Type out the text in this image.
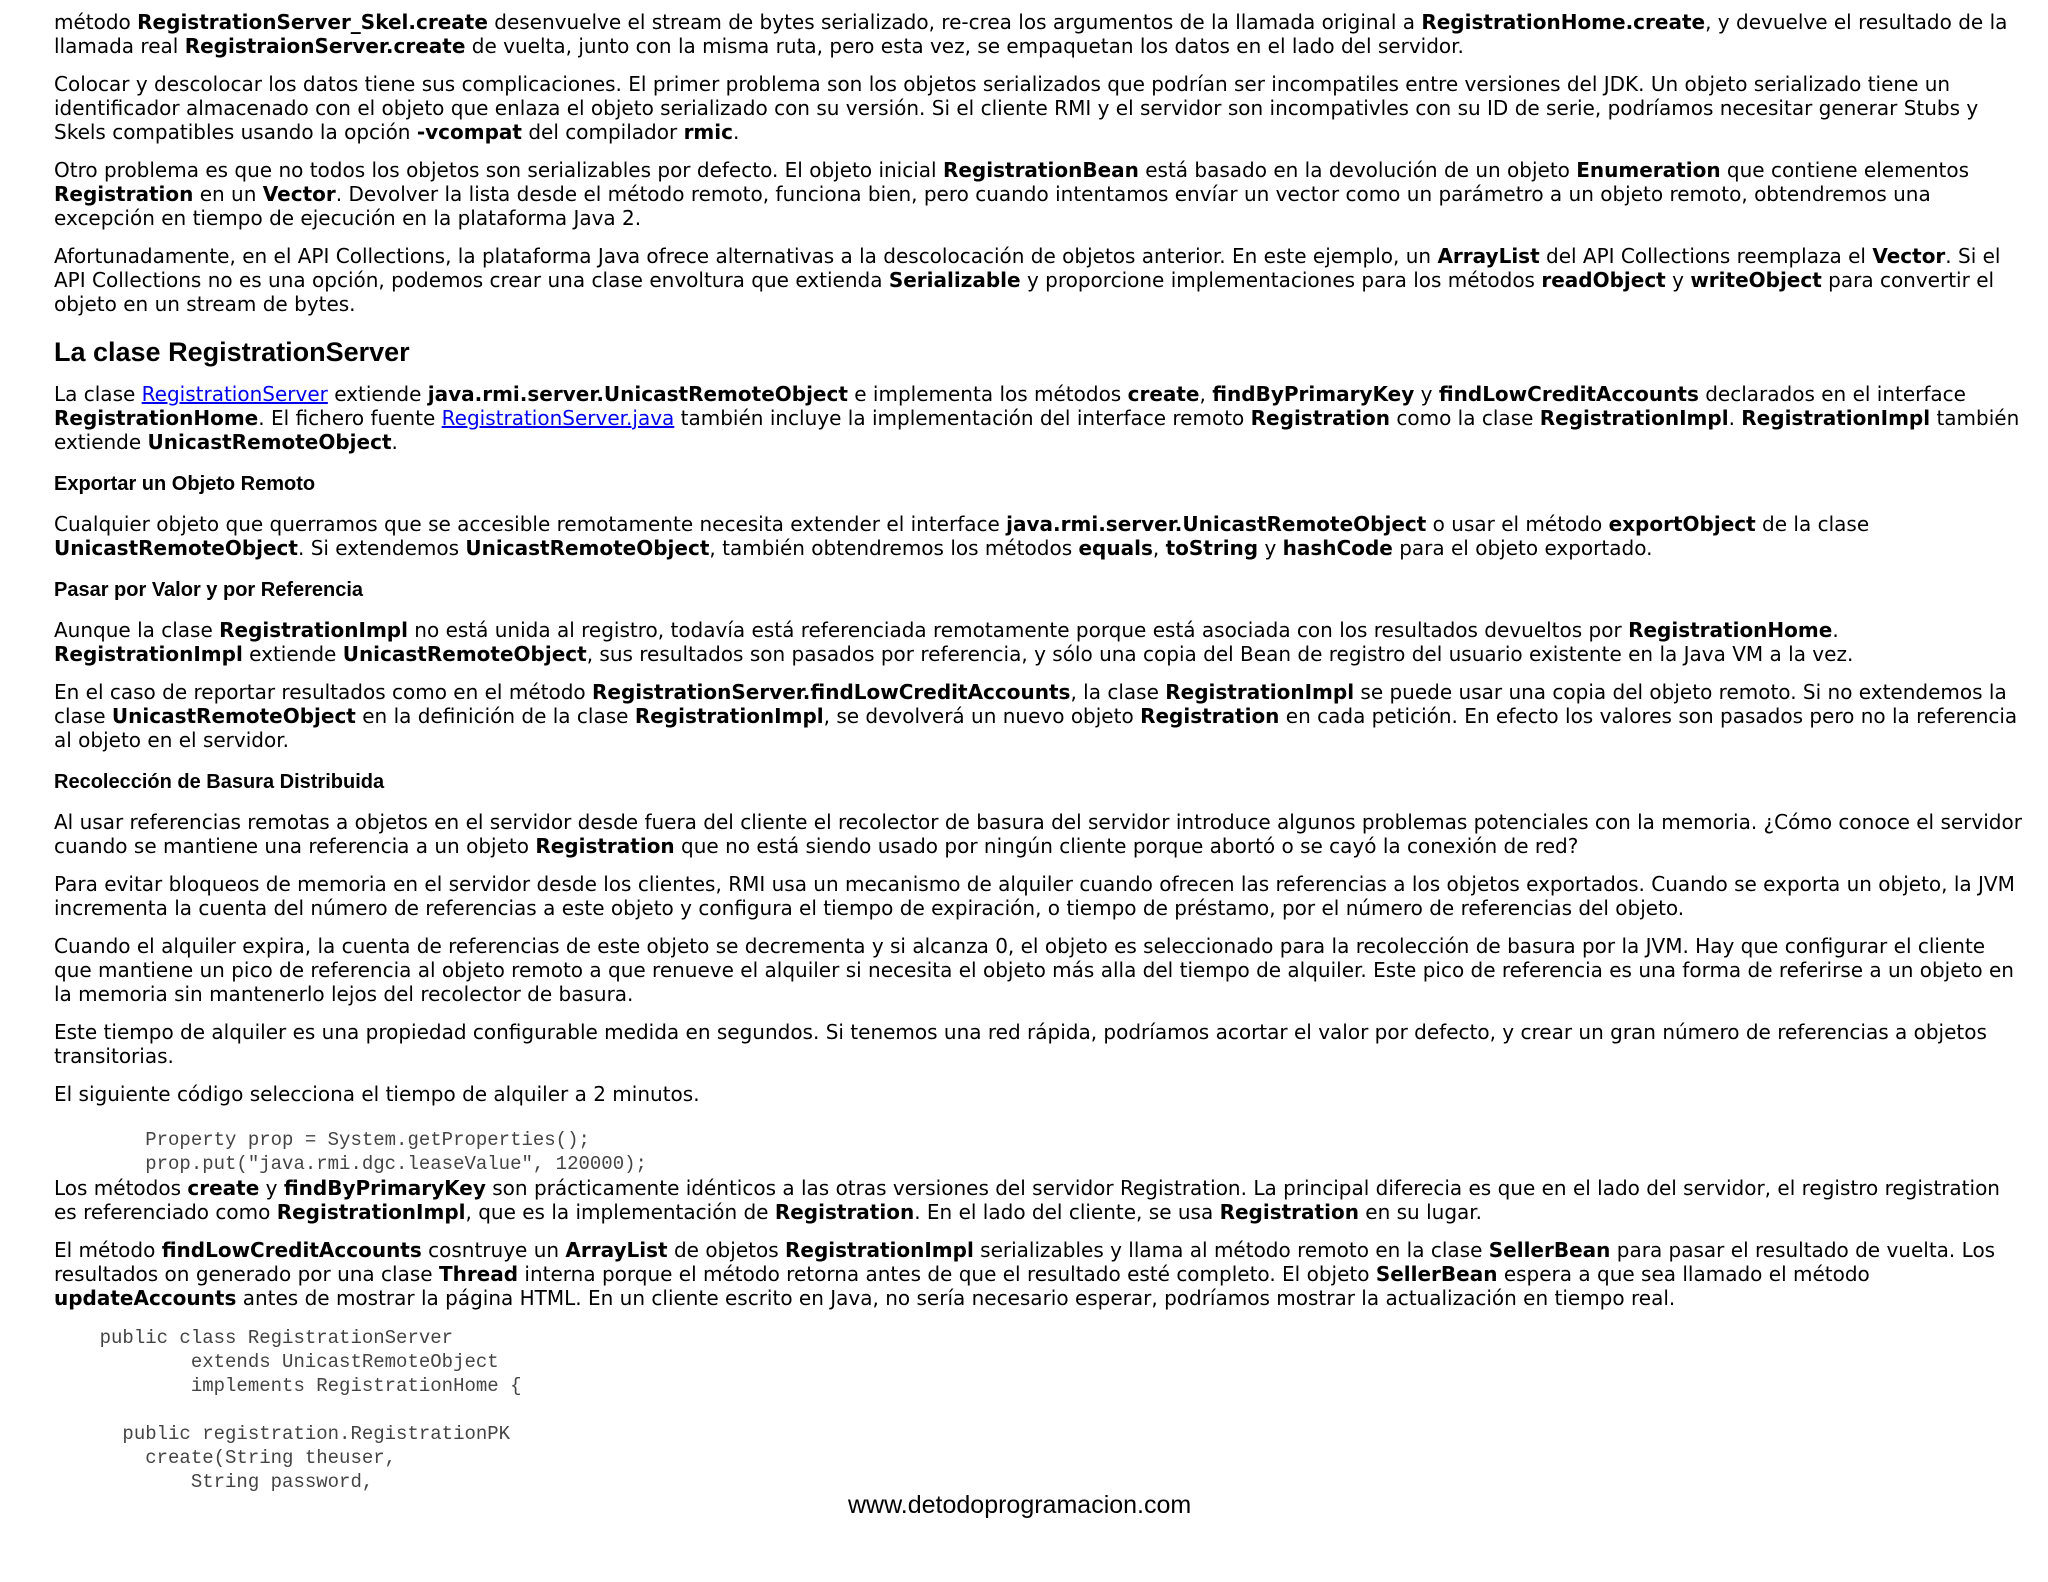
método RegistrationServer_Skel.create desenvuelve el stream de bytes serializado, re-crea los argumentos de la llamada original a RegistrationHome.create, y devuelve el resultado de la llamada real RegistraionServer.create de vuelta, junto con la misma ruta, pero esta vez, se empaquetan los datos en el lado del servidor.

Colocar y descolocar los datos tiene sus complicaciones. El primer problema son los objetos serializados que podrían ser incompatiles entre versiones del JDK. Un objeto serializado tiene un identificador almacenado con el objeto que enlaza el objeto serializado con su versión. Si el cliente RMI y el servidor son incompativles con su ID de serie, podríamos necesitar generar Stubs y Skels compatibles usando la opción -vcompat del compilador rmic.

Otro problema es que no todos los objetos son serializables por defecto. El objeto inicial RegistrationBean está basado en la devolución de un objeto Enumeration que contiene elementos Registration en un Vector. Devolver la lista desde el método remoto, funciona bien, pero cuando intentamos envíar un vector como un parámetro a un objeto remoto, obtendremos una excepción en tiempo de ejecución en la plataforma Java 2.

Afortunadamente, en el API Collections, la plataforma Java ofrece alternativas a la descolocación de objetos anterior. En este ejemplo, un ArrayList del API Collections reemplaza el Vector. Si el API Collections no es una opción, podemos crear una clase envoltura que extienda Serializable y proporcione implementaciones para los métodos readObject y writeObject para convertir el objeto en un stream de bytes.

La clase RegistrationServer

La clase RegistrationServer extiende java.rmi.server.UnicastRemoteObject e implementa los métodos create, findByPrimaryKey y findLowCreditAccounts declarados en el interface RegistrationHome. El fichero fuente RegistrationServer.java también incluye la implementación del interface remoto Registration como la clase RegistrationImpl. RegistrationImpl también extiende UnicastRemoteObject.

Exportar un Objeto Remoto

Cualquier objeto que querramos que se accesible remotamente necesita extender el interface java.rmi.server.UnicastRemoteObject o usar el método exportObject de la clase UnicastRemoteObject. Si extendemos UnicastRemoteObject, también obtendremos los métodos equals, toString y hashCode para el objeto exportado.

Pasar por Valor y por Referencia

Aunque la clase RegistrationImpl no está unida al registro, todavía está referenciada remotamente porque está asociada con los resultados devueltos por RegistrationHome. RegistrationImpl extiende UnicastRemoteObject, sus resultados son pasados por referencia, y sólo una copia del Bean de registro del usuario existente en la Java VM a la vez.

En el caso de reportar resultados como en el método RegistrationServer.findLowCreditAccounts, la clase RegistrationImpl se puede usar una copia del objeto remoto. Si no extendemos la clase UnicastRemoteObject en la definición de la clase RegistrationImpl, se devolverá un nuevo objeto Registration en cada petición. En efecto los valores son pasados pero no la referencia al objeto en el servidor.

Recolección de Basura Distribuida

Al usar referencias remotas a objetos en el servidor desde fuera del cliente el recolector de basura del servidor introduce algunos problemas potenciales con la memoria. ¿Cómo conoce el servidor cuando se mantiene una referencia a un objeto Registration que no está siendo usado por ningún cliente porque abortó o se cayó la conexión de red?

Para evitar bloqueos de memoria en el servidor desde los clientes, RMI usa un mecanismo de alquiler cuando ofrecen las referencias a los objetos exportados. Cuando se exporta un objeto, la JVM incrementa la cuenta del número de referencias a este objeto y configura el tiempo de expiración, o tiempo de préstamo, por el número de referencias del objeto.

Cuando el alquiler expira, la cuenta de referencias de este objeto se decrementa y si alcanza 0, el objeto es seleccionado para la recolección de basura por la JVM. Hay que configurar el cliente que mantiene un pico de referencia al objeto remoto a que renueve el alquiler si necesita el objeto más alla del tiempo de alquiler. Este pico de referencia es una forma de referirse a un objeto en la memoria sin mantenerlo lejos del recolector de basura.

Este tiempo de alquiler es una propiedad configurable medida en segundos. Si tenemos una red rápida, podríamos acortar el valor por defecto, y crear un gran número de referencias a objetos transitorias.

El siguiente código selecciona el tiempo de alquiler a 2 minutos.

Property prop = System.getProperties();
prop.put("java.rmi.dgc.leaseValue", 120000);

Los métodos create y findByPrimaryKey son prácticamente idénticos a las otras versiones del servidor Registration. La principal diferecia es que en el lado del servidor, el registro registration es referenciado como RegistrationImpl, que es la implementación de Registration. En el lado del cliente, se usa Registration en su lugar.

El método findLowCreditAccounts cosntruye un ArrayList de objetos RegistrationImpl serializables y llama al método remoto en la clase SellerBean para pasar el resultado de vuelta. Los resultados on generado por una clase Thread interna porque el método retorna antes de que el resultado esté completo. El objeto SellerBean espera a que sea llamado el método updateAccounts antes de mostrar la página HTML. En un cliente escrito en Java, no sería necesario esperar, podríamos mostrar la actualización en tiempo real.

public class RegistrationServer
extends UnicastRemoteObject
implements RegistrationHome {

public registration.RegistrationPK
create(String theuser,
String password,
www.detodoprogramacion.com
